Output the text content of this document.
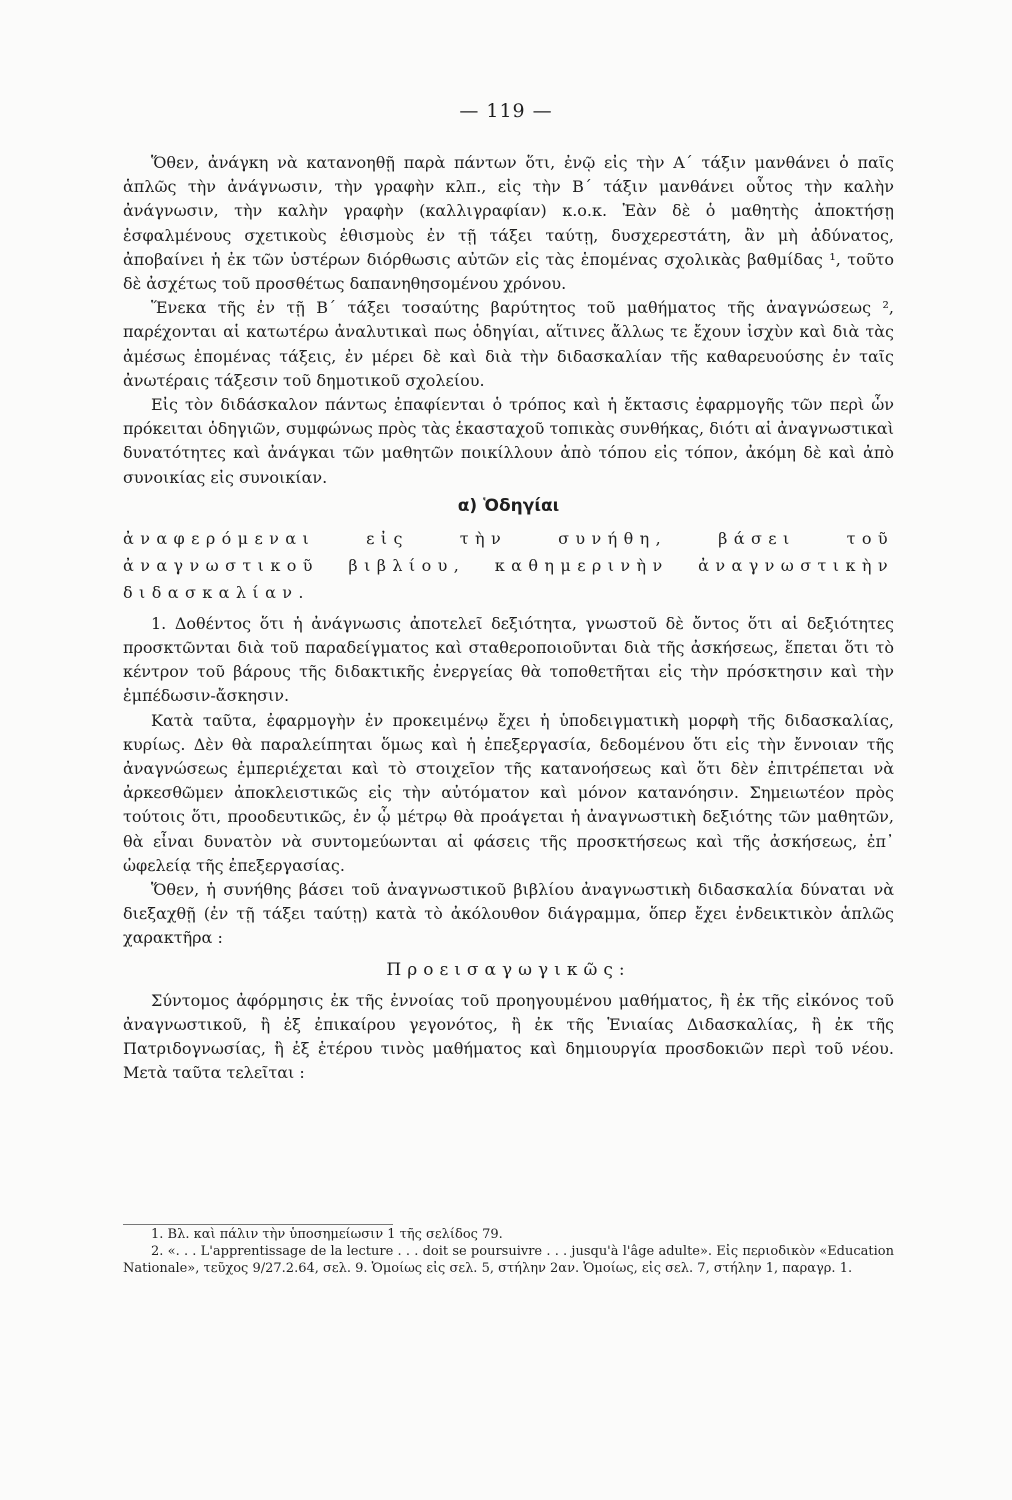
— 119 —

Ὅθεν, ἀνάγκη νὰ κατανοηθῇ παρὰ πάντων ὅτι, ἐνῷ εἰς τὴν Α΄ τάξιν μανθάνει ὁ παῖς ἁπλῶς τὴν ἀνάγνωσιν, τὴν γραφὴν κλπ., εἰς τὴν Β΄ τάξιν μανθάνει οὗτος τὴν καλὴν ἀνάγνωσιν, τὴν καλὴν γραφὴν (καλλιγραφίαν) κ.ο.κ. Ἐὰν δὲ ὁ μαθητὴς ἀποκτήσῃ ἐσφαλμένους σχετικοὺς ἐθισμοὺς ἐν τῇ τάξει ταύτῃ, δυσχερεστάτη, ἂν μὴ ἀδύνατος, ἀποβαίνει ἡ ἐκ τῶν ὑστέρων διόρθωσις αὐτῶν εἰς τὰς ἑπομένας σχολικὰς βαθμίδας ¹, τοῦτο δὲ ἀσχέτως τοῦ προσθέτως δαπανηθησομένου χρόνου.

Ἕνεκα τῆς ἐν τῇ Β΄ τάξει τοσαύτης βαρύτητος τοῦ μαθήματος τῆς ἀναγνώσεως ², παρέχονται αἱ κατωτέρω ἀναλυτικαὶ πως ὁδηγίαι, αἵτινες ἄλλως τε ἔχουν ἰσχὺν καὶ διὰ τὰς ἀμέσως ἑπομένας τάξεις, ἐν μέρει δὲ καὶ διὰ τὴν διδασκαλίαν τῆς καθαρευούσης ἐν ταῖς ἀνωτέραις τάξεσιν τοῦ δημοτικοῦ σχολείου.

Εἰς τὸν διδάσκαλον πάντως ἐπαφίενται ὁ τρόπος καὶ ἡ ἔκτασις ἐφαρμογῆς τῶν περὶ ὧν πρόκειται ὁδηγιῶν, συμφώνως πρὸς τὰς ἑκασταχοῦ τοπικὰς συνθήκας, διότι αἱ ἀναγνωστικαὶ δυνατότητες καὶ ἀνάγκαι τῶν μαθητῶν ποικίλλουν ἀπὸ τόπου εἰς τόπον, ἀκόμη δὲ καὶ ἀπὸ συνοικίας εἰς συνοικίαν.

α) Ὁδηγίαι

ἀναφερόμεναι εἰς τὴν συνήθη, βάσει τοῦ ἀναγνωστικοῦ βιβλίου, καθημερινὴν ἀναγνωστικὴν διδασκαλίαν.

1. Δοθέντος ὅτι ἡ ἀνάγνωσις ἀποτελεῖ δεξιότητα, γνωστοῦ δὲ ὄντος ὅτι αἱ δεξιότητες προσκτῶνται διὰ τοῦ παραδείγματος καὶ σταθεροποιοῦνται διὰ τῆς ἀσκήσεως, ἕπεται ὅτι τὸ κέντρον τοῦ βάρους τῆς διδακτικῆς ἐνεργείας θὰ τοποθετῆται εἰς τὴν πρόσκτησιν καὶ τὴν ἐμπέδωσιν-ἄσκησιν.

Κατὰ ταῦτα, ἐφαρμογὴν ἐν προκειμένῳ ἔχει ἡ ὑποδειγματικὴ μορφὴ τῆς διδασκαλίας, κυρίως. Δὲν θὰ παραλείπηται ὅμως καὶ ἡ ἐπεξεργασία, δεδομένου ὅτι εἰς τὴν ἔννοιαν τῆς ἀναγνώσεως ἐμπεριέχεται καὶ τὸ στοιχεῖον τῆς κατανοήσεως καὶ ὅτι δὲν ἐπιτρέπεται νὰ ἀρκεσθῶμεν ἀποκλειστικῶς εἰς τὴν αὐτόματον καὶ μόνον κατανόησιν. Σημειωτέον πρὸς τούτοις ὅτι, προοδευτικῶς, ἐν ᾧ μέτρῳ θὰ προάγεται ἡ ἀναγνωστικὴ δεξιότης τῶν μαθητῶν, θὰ εἶναι δυνατὸν νὰ συντομεύωνται αἱ φάσεις τῆς προσκτήσεως καὶ τῆς ἀσκήσεως, ἐπ᾽ ὠφελείᾳ τῆς ἐπεξεργασίας.

Ὅθεν, ἡ συνήθης βάσει τοῦ ἀναγνωστικοῦ βιβλίου ἀναγνωστικὴ διδασκαλία δύναται νὰ διεξαχθῇ (ἐν τῇ τάξει ταύτῃ) κατὰ τὸ ἀκόλουθον διάγραμμα, ὅπερ ἔχει ἐνδεικτικὸν ἁπλῶς χαρακτῆρα :

Προεισαγωγικῶς:

Σύντομος ἀφόρμησις ἐκ τῆς ἐννοίας τοῦ προηγουμένου μαθήματος, ἢ ἐκ τῆς εἰκόνος τοῦ ἀναγνωστικοῦ, ἢ ἐξ ἐπικαίρου γεγονότος, ἢ ἐκ τῆς Ἑνιαίας Διδασκαλίας, ἢ ἐκ τῆς Πατριδογνωσίας, ἢ ἐξ ἑτέρου τινὸς μαθήματος καὶ δημιουργία προσδοκιῶν περὶ τοῦ νέου. Μετὰ ταῦτα τελεῖται :

1. Βλ. καὶ πάλιν τὴν ὑποσημείωσιν 1 τῆς σελίδος 79.

2. «. . . L'apprentissage de la lecture . . . doit se poursuivre . . . jusqu'à l'âge adulte». Εἰς περιοδικὸν «Education Nationale», τεῦχος 9/27.2.64, σελ. 9. Ὁμοίως εἰς σελ. 5, στήλην 2αν. Ὁμοίως, εἰς σελ. 7, στήλην 1, παραγρ. 1.
